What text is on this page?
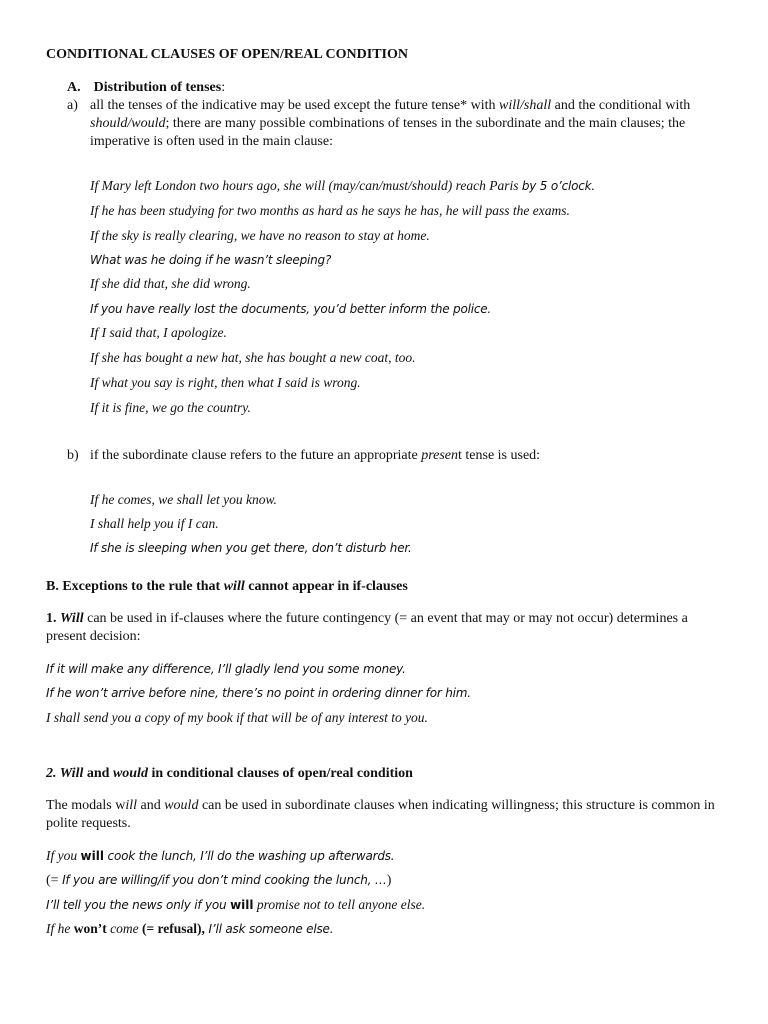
CONDITIONAL CLAUSES OF OPEN/REAL CONDITION
A. Distribution of tenses:
a) all the tenses of the indicative may be used except the future tense* with will/shall and the conditional with
should/would; there are many possible combinations of tenses in the subordinate and the main clauses; the
imperative is often used in the main clause:
If Mary left London two hours ago, she will (may/can/must/should) reach Paris by 5 o’clock.
If he has been studying for two months as hard as he says he has, he will pass the exams.
If the sky is really clearing, we have no reason to stay at home.
What was he doing if he wasn’t sleeping?
If she did that, she did wrong.
If you have really lost the documents, you’d better inform the police.
If I said that, I apologize.
If she has bought a new hat, she has bought a new coat, too.
If what you say is right, then what I said is wrong.
If it is fine, we go the country.
b) if the subordinate clause refers to the future an appropriate present tense is used:
If he comes, we shall let you know.
I shall help you if I can.
If she is sleeping when you get there, don’t disturb her.
B. Exceptions to the rule that will cannot appear in if-clauses
1. Will can be used in if-clauses where the future contingency (= an event that may or may not occur) determines a
present decision:
If it will make any difference, I’ll gladly lend you some money.
If he won’t arrive before nine, there’s no point in ordering dinner for him.
I shall send you a copy of my book if that will be of any interest to you.
2. Will and would in conditional clauses of open/real condition
The modals will and would can be used in subordinate clauses when indicating willingness; this structure is common in
polite requests.
If you will cook the lunch, I’ll do the washing up afterwards.
(= If you are willing/if you don’t mind cooking the lunch, …)
I’ll tell you the news only if you will promise not to tell anyone else.
If he won’t come (= refusal), I’ll ask someone else.
